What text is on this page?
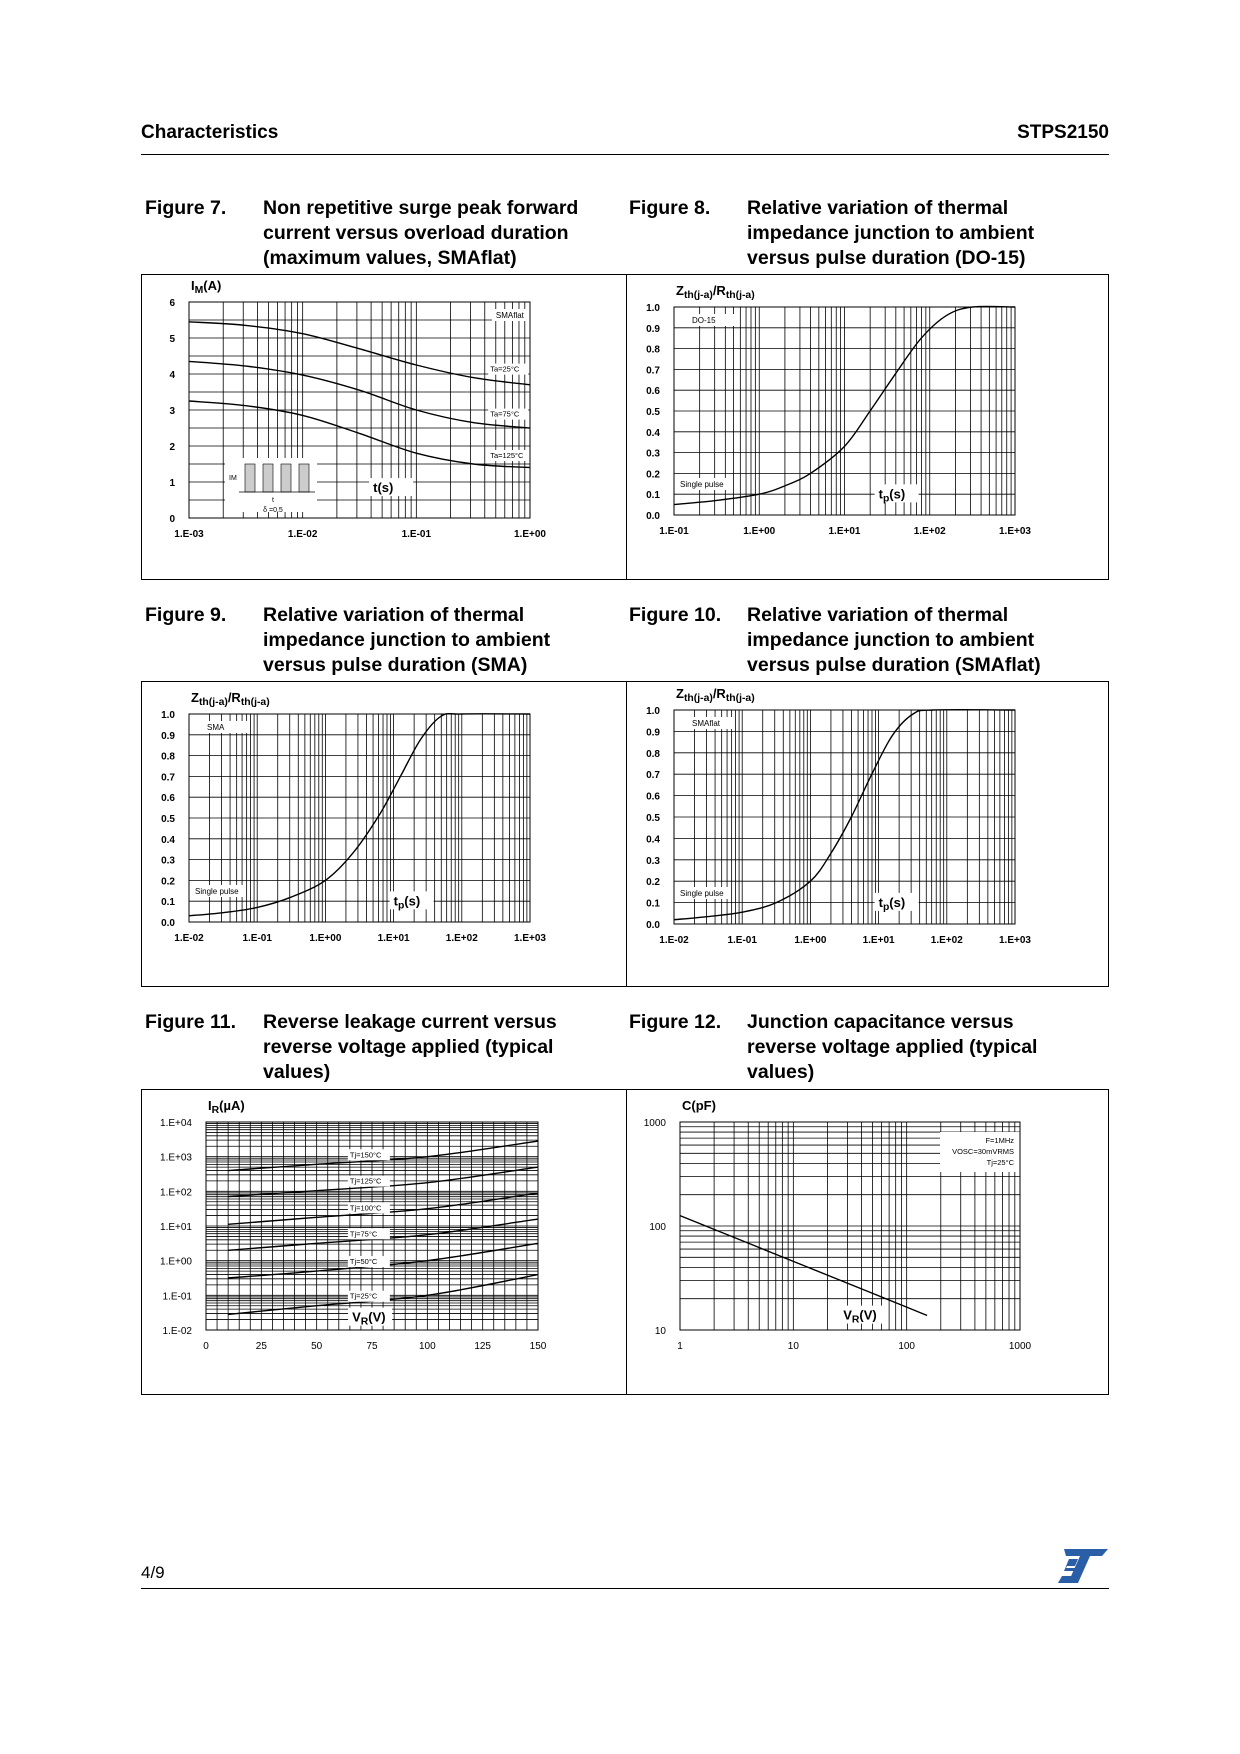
Characteristics	STPS2150
Figure 7. Non repetitive surge peak forward current versus overload duration (maximum values, SMAflat)
Figure 8. Relative variation of thermal impedance junction to ambient versus pulse duration (DO-15)
0
1
2
3
4
5
6
1.E-03	1.E-02	1.E-01	1.E+00
$I_M(A)$
t(s)
SMAflat
IM
t
δ =0.5
Ta=25°C
Ta=75°C
Ta=125°C
0.0
0.1
0.2
0.3
0.4
0.5
0.6
0.7
0.8
0.9
1.0
1.E-01	1.E+00	1.E+01	1.E+02	1.E+03
$Z_{th(j-a)}/R_{th(j-a)}$
$t_p(s)$
DO-15
Single pulse
Figure 9. Relative variation of thermal impedance junction to ambient versus pulse duration (SMA)
Figure 10. Relative variation of thermal impedance junction to ambient versus pulse duration (SMAflat)
0.0
0.1
0.2
0.3
0.4
0.5
0.6
0.7
0.8
0.9
1.0
1.E-02	1.E-01	1.E+00	1.E+01	1.E+02	1.E+03
$Z_{th(j-a)}/R_{th(j-a)}$
$t_p(s)$
SMA
Single pulse
0.0
0.1
0.2
0.3
0.4
0.5
0.6
0.7
0.8
0.9
1.0
1.E-02	1.E-01	1.E+00	1.E+01	1.E+02	1.E+03
$Z_{th(j-a)}/R_{th(j-a)}$
$t_p(s)$
SMAflat
Single pulse
Figure 11. Reverse leakage current versus reverse voltage applied (typical values)
Figure 12. Junction capacitance versus reverse voltage applied (typical values)
1.E-02
1.E-01
1.E+00
1.E+01
1.E+02
1.E+03
1.E+04
0	25	50	75	100	125	150
$I_R(\mu A)$
$V_R(V)$
Tj=150°C
Tj=125°C
Tj=100°C
Tj=75°C
Tj=50°C
Tj=25°C
10
100
1000
1	10	100	1000
C(pF)
$V_R(V)$
F=1MHz
VOSC=30mVRMS
Tj=25°C
4/9
